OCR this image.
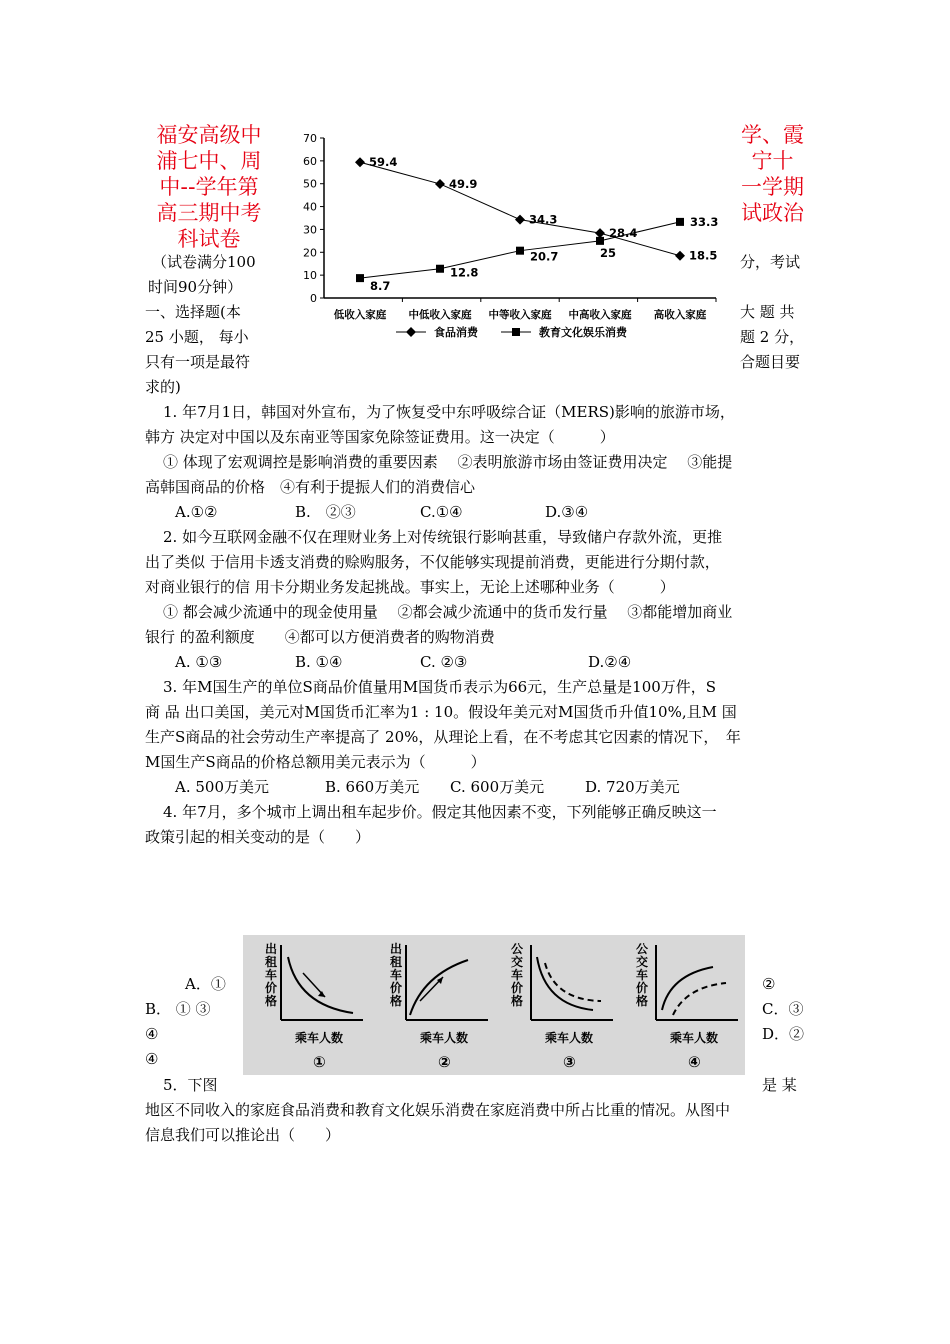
福安高级中
浦七中、周
中--学年第
高三期中考
科试卷
学、霞
宁十
一学期
试政治
（试卷满分100
时间90分钟）
分，考试
一、选择题(本
25 小题， 每小
只有一项是最符
求的)
大 题 共
题 2 分，
合题目要
0
10
20
30
40
50
60
70
低收入家庭 中低收入家庭 中等收入家庭 中高收入家庭 高收入家庭
59.4
49.9
34.3
28.4
18.5
8.7
12.8
20.7	25
33.3
食品消费	教育文化娱乐消费

1. 年7月1日，韩国对外宣布，为了恢复受中东呼吸综合证（MERS)影响的旅游市场，

韩方 决定对中国以及东南亚等国家免除签证费用。这一决定（　　　）

① 体现了宏观调控是影响消费的重要因素　 ②表明旅游市场由签证费用决定　 ③能提

高韩国商品的价格　④有利于提振人们的消费信心

A.①②	B.　②③	C.①④	D.③④

2. 如今互联网金融不仅在理财业务上对传统银行影响甚重，导致储户存款外流，更推

出了类似 于信用卡透支消费的赊购服务，不仅能够实现提前消费，更能进行分期付款，

对商业银行的信 用卡分期业务发起挑战。事实上，无论上述哪种业务（　　　）

① 都会减少流通中的现金使用量　 ②都会减少流通中的货币发行量　 ③都能增加商业

银行 的盈利额度　　④都可以方便消费者的购物消费

A. ①③	B. ①④	C. ②③	D.②④

3. 年M国生产的单位S商品价值量用M国货币表示为66元，生产总量是100万件，S

商 品 出口美国，美元对M国货币汇率为1 : 10。假设年美元对M国货币升值10%,且M 国

生产S商品的社会劳动生产率提高了 20%，从理论上看，在不考虑其它因素的情况下，　年

M国生产S商品的价格总额用美元表示为（　　　）

A. 500万美元	B. 660万美元 C. 600万美元	D. 720万美元

4. 年7月，多个城市上调出租车起步价。假定其他因素不变，下列能够正确反映这一

政策引起的相关变动的是（　　）

A．①
B． ① ③
④
④
②
C．③
D．②
出租车价格
乘车人数
①
出租车价格
乘车人数
②
公交车价格
乘车人数
③
公交车价格
乘车人数
④
5．下图	是 某

地区不同收入的家庭食品消费和教育文化娱乐消费在家庭消费中所占比重的情况。从图中

信息我们可以推论出（　　）
